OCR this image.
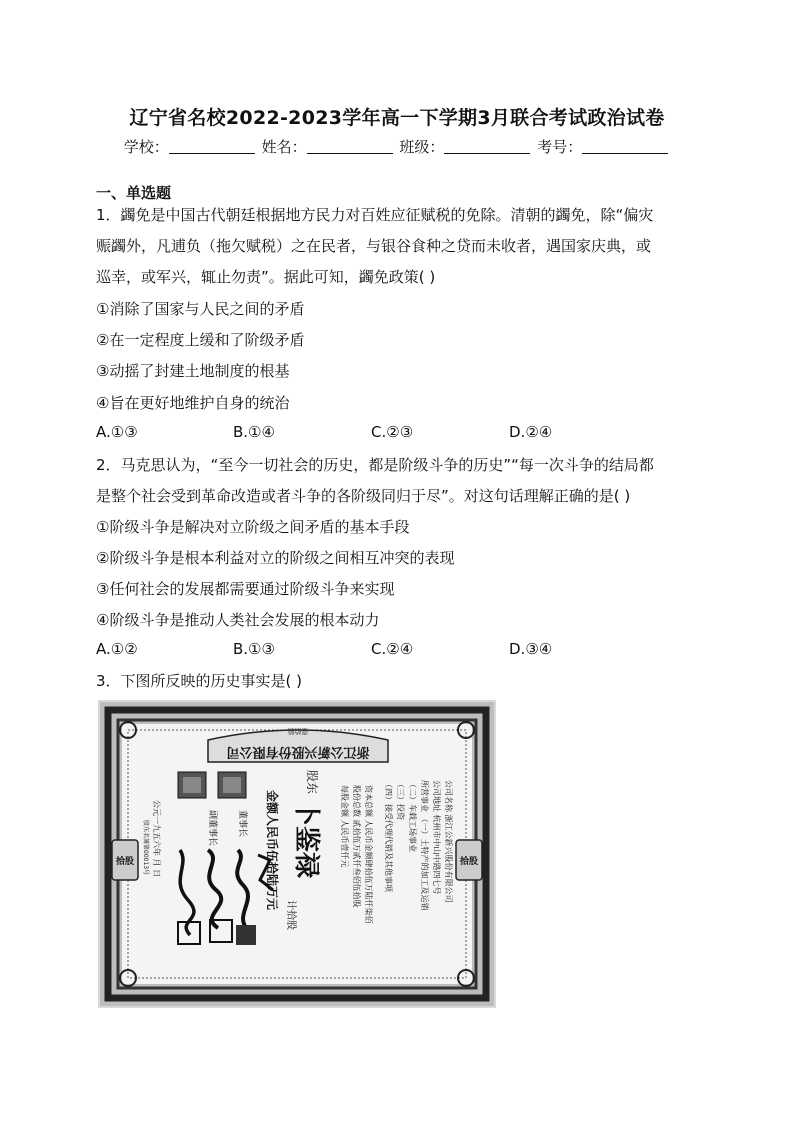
辽宁省名校2022-2023学年高一下学期3月联合考试政治试卷
学校：	姓名：	班级：	考号：
一、单选题
1．蠲免是中国古代朝廷根据地方民力对百姓应征赋税的免除。清朝的蠲免，除“偏灾
赈蠲外，凡逋负（拖欠赋税）之在民者，与银谷食种之贷而未收者，遇国家庆典，或
巡幸，或军兴，辄止勿责”。据此可知，蠲免政策( )
①消除了国家与人民之间的矛盾
②在一定程度上缓和了阶级矛盾
③动摇了封建土地制度的根基
④旨在更好地维护自身的统治
A.①③	B.①④	C.②③	D.②④
2．马克思认为，“至今一切社会的历史，都是阶级斗争的历史”“每一次斗争的结局都
是整个社会受到革命改造或者斗争的各阶级同归于尽”。对这句话理解正确的是( )
①阶级斗争是解决对立阶级之间矛盾的基本手段
②阶级斗争是根本利益对立的阶级之间相互冲突的表现
③任何社会的发展都需要通过阶级斗争来实现
④阶级斗争是推动人类社会发展的根本动力
A.①②	B.①③	C.②④	D.③④
3．下图所反映的历史事实是( )
浙江公新兴股份有限公司
壹拾股
拾股	拾股
公司名称 浙江公新兴股份有限公司
公司地址 杭州市中山中路四七号
所营事业 （一）土特产的加工及运销
（二）车载工场事业
（三）投资
（四）接受代理代销及其他事项
资本总额 人民币金额肆拾伍万陆仟柒佰
股份总数 贰拾伍万贰仟叁佰伍拾股
每股金额 人民币壹仟元
股东
卜鉴禄
金额人民币伍拾陆万元
计拾股
董事长
副董事长
公元一九五六年 月 日
股东名簿第00013号
